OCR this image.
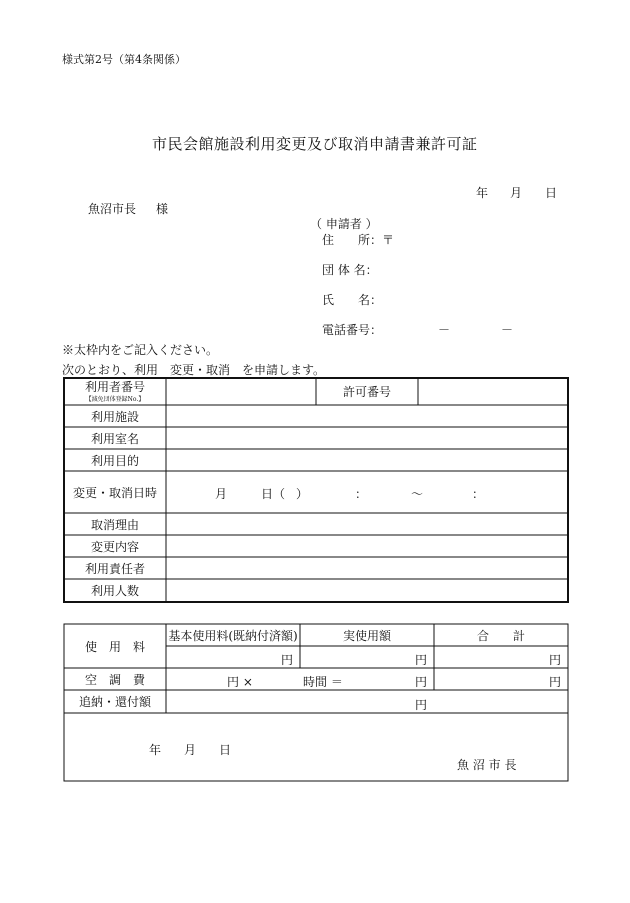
様式第2号（第4条関係）
市民会館施設利用変更及び取消申請書兼許可証
年 月 日
魚沼市長 様
（ 申請者 ）
住　　所：〒
団 体 名：
氏　　名：
電話番号：	－	－
※太枠内をご記入ください。
次のとおり、利用　変更・取消　を申請します。
利用者番号
【減免団体登録No.】
許可番号
利用施設
利用室名
利用目的
変更・取消日時	月	日（ ）	：	～	：
取消理由
変更内容
利用責任者
利用人数
使　用　料
基本使用料(既納付済額)	実使用額	合　　計
円	円	円
空　調　費	円 ×	時間 ＝	円	円
追納・還付額	円
年 月 日
魚 沼 市 長
